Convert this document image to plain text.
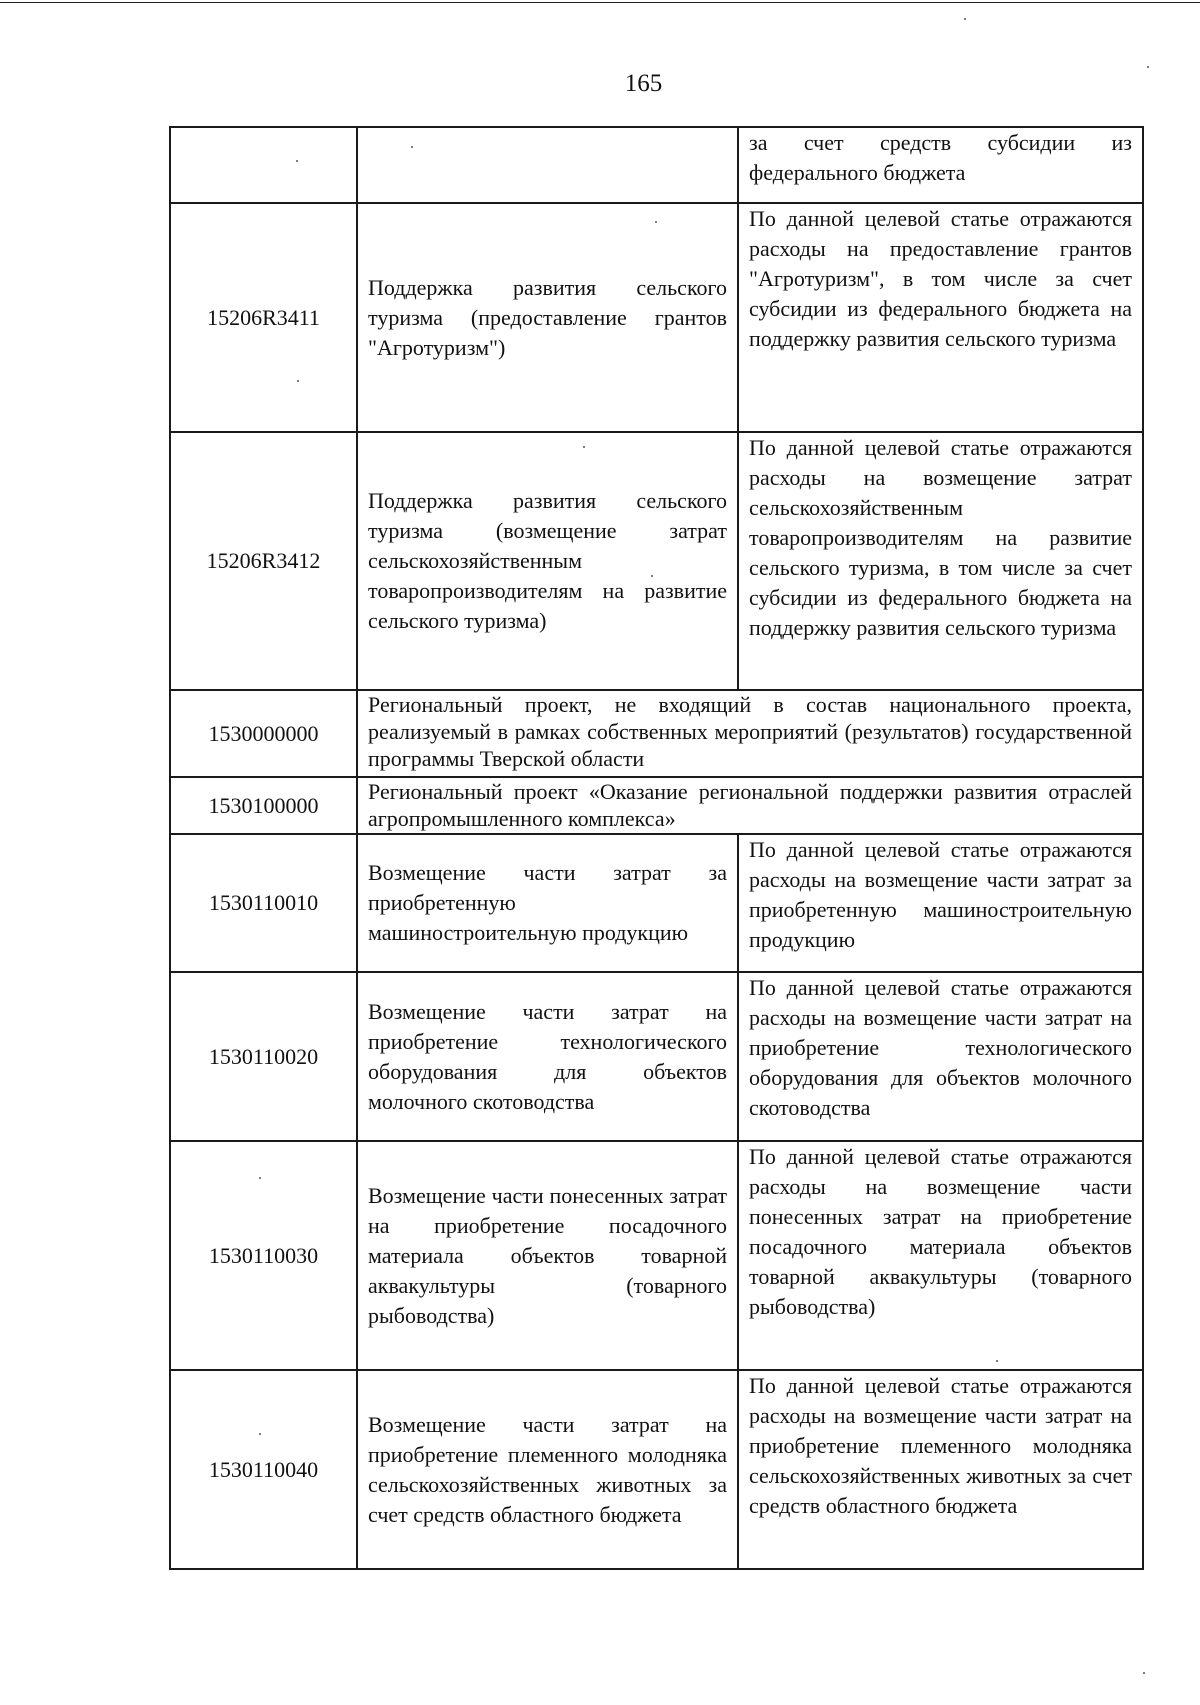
165
		за счет средств субсидии из федерального бюджета
15206R3411	Поддержка развития сельского туризма (предоставление грантов "Агротуризм")	По данной целевой статье отражаются расходы на предоставление грантов "Агротуризм", в том числе за счет субсидии из федерального бюджета на поддержку развития сельского туризма
15206R3412	Поддержка развития сельского туризма (возмещение затрат сельскохозяйственным товаропроизводителям на развитие сельского туризма)	По данной целевой статье отражаются расходы на возмещение затрат сельскохозяйственным товаропроизводителям на развитие сельского туризма, в том числе за счет субсидии из федерального бюджета на поддержку развития сельского туризма
1530000000	Региональный проект, не входящий в состав национального проекта, реализуемый в рамках собственных мероприятий (результатов) государственной программы Тверской области	
1530100000	Региональный проект «Оказание региональной поддержки развития отраслей агропромышленного комплекса»	
1530110010	Возмещение части затрат за приобретенную машиностроительную продукцию	По данной целевой статье отражаются расходы на возмещение части затрат за приобретенную машиностроительную продукцию
1530110020	Возмещение части затрат на приобретение технологического оборудования для объектов молочного скотоводства	По данной целевой статье отражаются расходы на возмещение части затрат на приобретение технологического оборудования для объектов молочного скотоводства
1530110030	Возмещение части понесенных затрат на приобретение посадочного материала объектов товарной аквакультуры (товарного рыбоводства)	По данной целевой статье отражаются расходы на возмещение части понесенных затрат на приобретение посадочного материала объектов товарной аквакультуры (товарного рыбоводства)
1530110040	Возмещение части затрат на приобретение племенного молодняка сельскохозяйственных животных за счет средств областного бюджета	По данной целевой статье отражаются расходы на возмещение части затрат на приобретение племенного молодняка сельскохозяйственных животных за счет средств областного бюджета
